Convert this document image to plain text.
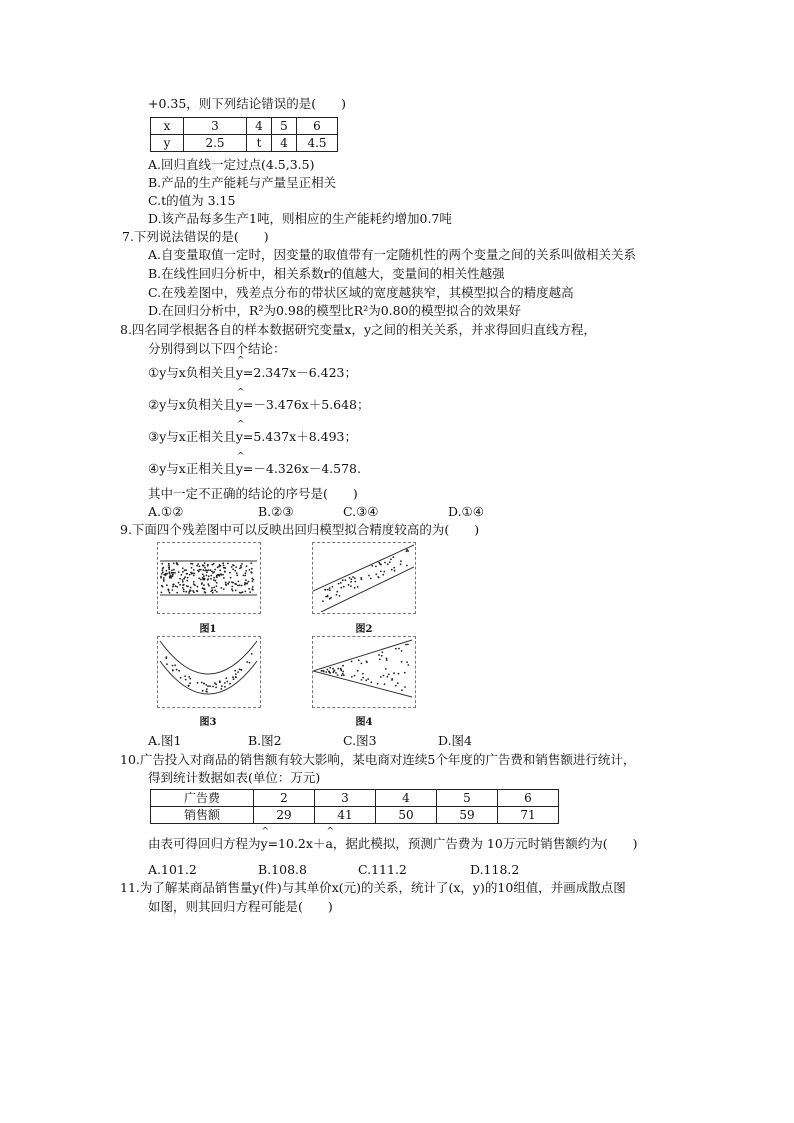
+0.35，则下列结论错误的是(　　)
x	3	4	5	6
y	2.5	t	4	4.5
A.回归直线一定过点(4.5,3.5)
B.产品的生产能耗与产量呈正相关
C.t的值为 3.15
D.该产品每多生产1吨，则相应的生产能耗约增加0.7吨
7.下列说法错误的是(　　)
A.自变量取值一定时，因变量的取值带有一定随机性的两个变量之间的关系叫做相关关系
B.在线性回归分析中，相关系数r的值越大，变量间的相关性越强
C.在残差图中，残差点分布的带状区域的宽度越狭窄，其模型拟合的精度越高
D.在回归分析中，R²为0.98的模型比R²为0.80的模型拟合的效果好
8.四名同学根据各自的样本数据研究变量x，y之间的相关关系，并求得回归直线方程，
分别得到以下四个结论：
①y与x负相关且^ y=2.347x－6.423；
②y与x负相关且^ y=－3.476x＋5.648；
③y与x正相关且^ y=5.437x＋8.493；
④y与x正相关且^ y=－4.326x－4.578.
其中一定不正确的结论的序号是(　　)
A.①②	B.②③	C.③④	D.①④
9.下面四个残差图中可以反映出回归模型拟合精度较高的为(　　)
图1	图2
图3	图4
A.图1	B.图2	C.图3	D.图4
10.广告投入对商品的销售额有较大影响，某电商对连续5个年度的广告费和销售额进行统计，
得到统计数据如表(单位：万元)
广告费	2	3	4	5	6
销售额	29	41	50	59	71
由表可得回归方程为^ y=10.2x＋^ a，据此模拟，预测广告费为 10万元时销售额约为(　　)
A.101.2	B.108.8	C.111.2	D.118.2
11.为了解某商品销售量y(件)与其单价x(元)的关系，统计了(x，y)的10组值，并画成散点图
如图，则其回归方程可能是(　　)
